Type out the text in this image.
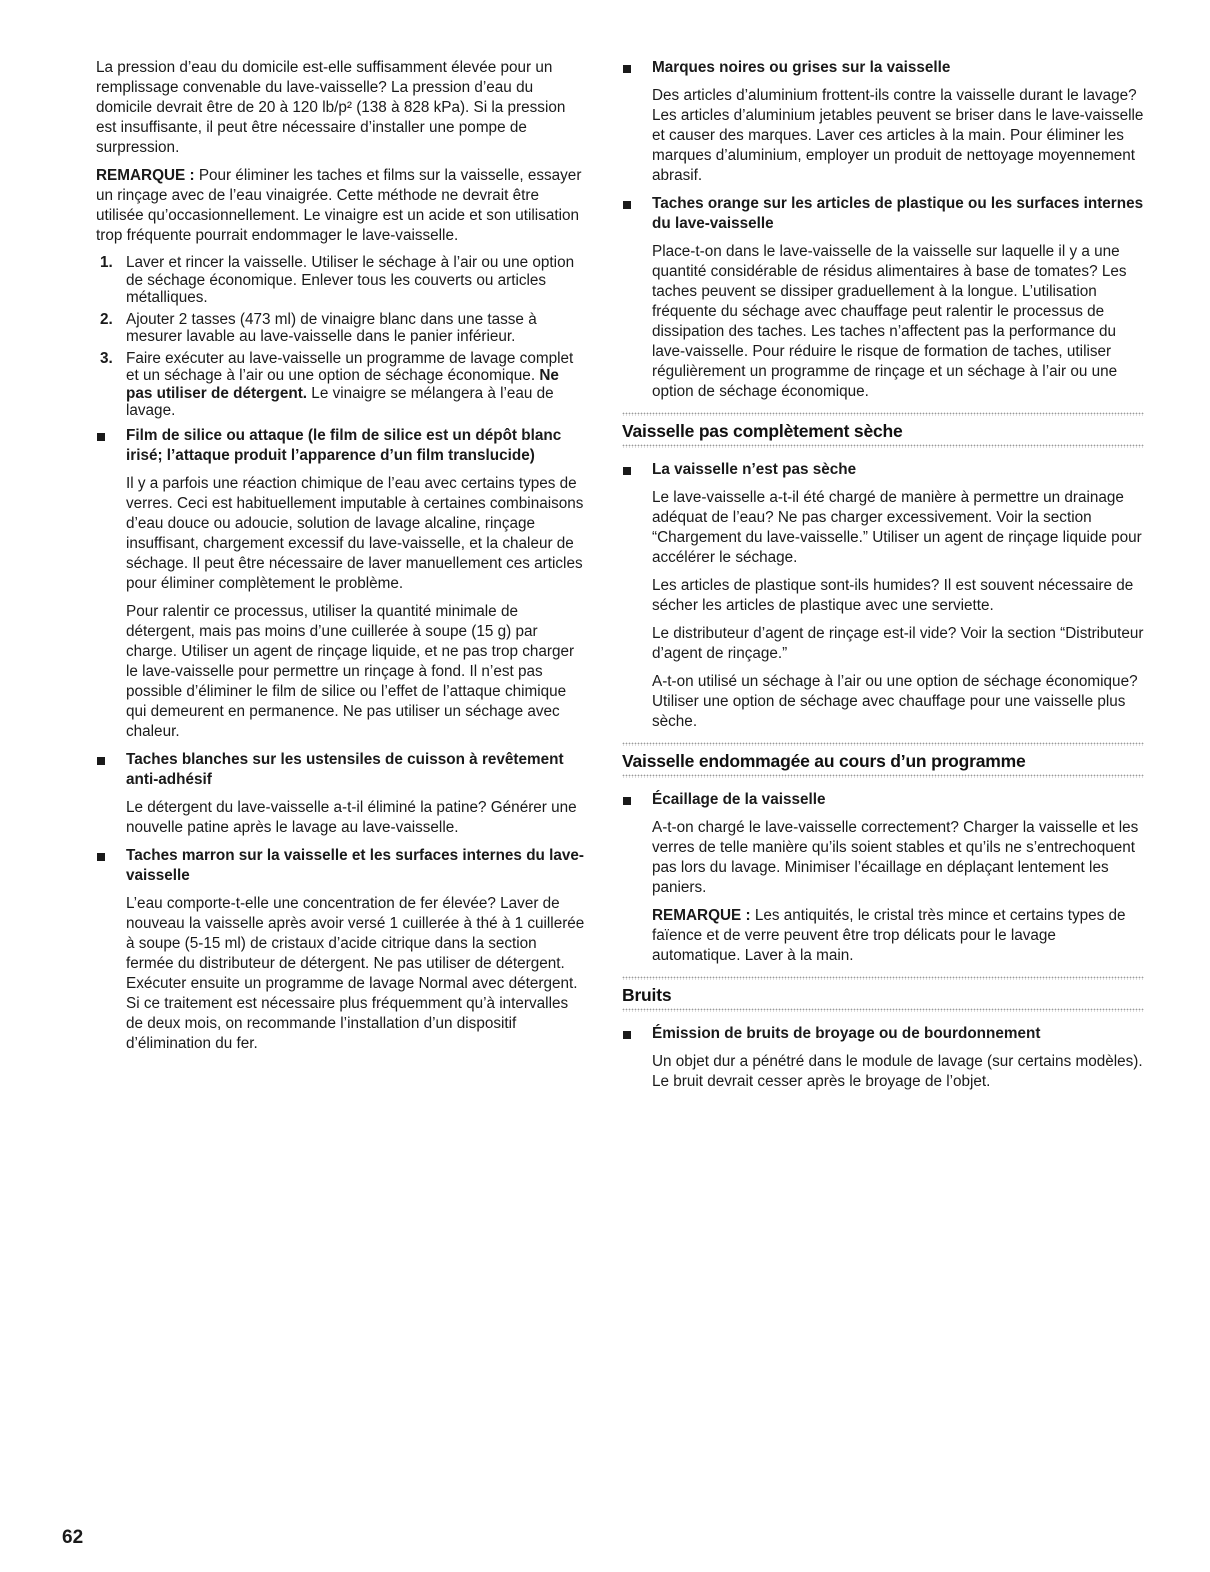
La pression d’eau du domicile est-elle suffisamment élevée pour un remplissage convenable du lave-vaisselle? La pression d’eau du domicile devrait être de 20 à 120 lb/p² (138 à 828 kPa). Si la pression est insuffisante, il peut être nécessaire d’installer une pompe de surpression.

REMARQUE : Pour éliminer les taches et films sur la vaisselle, essayer un rinçage avec de l’eau vinaigrée. Cette méthode ne devrait être utilisée qu’occasionnellement. Le vinaigre est un acide et son utilisation trop fréquente pourrait endommager le lave-vaisselle.

1. Laver et rincer la vaisselle. Utiliser le séchage à l’air ou une option de séchage économique. Enlever tous les couverts ou articles métalliques.
2. Ajouter 2 tasses (473 ml) de vinaigre blanc dans une tasse à mesurer lavable au lave-vaisselle dans le panier inférieur.
3. Faire exécuter au lave-vaisselle un programme de lavage complet et un séchage à l’air ou une option de séchage économique. Ne pas utiliser de détergent. Le vinaigre se mélangera à l’eau de lavage.
Film de silice ou attaque (le film de silice est un dépôt blanc irisé; l’attaque produit l’apparence d’un film translucide)

Il y a parfois une réaction chimique de l’eau avec certains types de verres. Ceci est habituellement imputable à certaines combinaisons d’eau douce ou adoucie, solution de lavage alcaline, rinçage insuffisant, chargement excessif du lave-vaisselle, et la chaleur de séchage. Il peut être nécessaire de laver manuellement ces articles pour éliminer complètement le problème.

Pour ralentir ce processus, utiliser la quantité minimale de détergent, mais pas moins d’une cuillerée à soupe (15 g) par charge. Utiliser un agent de rinçage liquide, et ne pas trop charger le lave-vaisselle pour permettre un rinçage à fond. Il n’est pas possible d’éliminer le film de silice ou l’effet de l’attaque chimique qui demeurent en permanence. Ne pas utiliser un séchage avec chaleur.

Taches blanches sur les ustensiles de cuisson à revêtement anti-adhésif

Le détergent du lave-vaisselle a-t-il éliminé la patine? Générer une nouvelle patine après le lavage au lave-vaisselle.

Taches marron sur la vaisselle et les surfaces internes du lave-vaisselle

L’eau comporte-t-elle une concentration de fer élevée? Laver de nouveau la vaisselle après avoir versé 1 cuillerée à thé à 1 cuillerée à soupe (5-15 ml) de cristaux d’acide citrique dans la section fermée du distributeur de détergent. Ne pas utiliser de détergent. Exécuter ensuite un programme de lavage Normal avec détergent. Si ce traitement est nécessaire plus fréquemment qu’à intervalles de deux mois, on recommande l’installation d’un dispositif d’élimination du fer.

Marques noires ou grises sur la vaisselle

Des articles d’aluminium frottent-ils contre la vaisselle durant le lavage? Les articles d’aluminium jetables peuvent se briser dans le lave-vaisselle et causer des marques. Laver ces articles à la main. Pour éliminer les marques d’aluminium, employer un produit de nettoyage moyennement abrasif.

Taches orange sur les articles de plastique ou les surfaces internes du lave-vaisselle

Place-t-on dans le lave-vaisselle de la vaisselle sur laquelle il y a une quantité considérable de résidus alimentaires à base de tomates? Les taches peuvent se dissiper graduellement à la longue. L’utilisation fréquente du séchage avec chauffage peut ralentir le processus de dissipation des taches. Les taches n’affectent pas la performance du lave-vaisselle. Pour réduire le risque de formation de taches, utiliser régulièrement un programme de rinçage et un séchage à l’air ou une option de séchage économique.

Vaisselle pas complètement sèche
La vaisselle n’est pas sèche

Le lave-vaisselle a-t-il été chargé de manière à permettre un drainage adéquat de l’eau? Ne pas charger excessivement. Voir la section “Chargement du lave-vaisselle.” Utiliser un agent de rinçage liquide pour accélérer le séchage.

Les articles de plastique sont-ils humides? Il est souvent nécessaire de sécher les articles de plastique avec une serviette.

Le distributeur d’agent de rinçage est-il vide? Voir la section “Distributeur d’agent de rinçage.”

A-t-on utilisé un séchage à l’air ou une option de séchage économique? Utiliser une option de séchage avec chauffage pour une vaisselle plus sèche.

Vaisselle endommagée au cours d’un programme
Écaillage de la vaisselle

A-t-on chargé le lave-vaisselle correctement? Charger la vaisselle et les verres de telle manière qu’ils soient stables et qu’ils ne s’entrechoquent pas lors du lavage. Minimiser l’écaillage en déplaçant lentement les paniers.

REMARQUE : Les antiquités, le cristal très mince et certains types de faïence et de verre peuvent être trop délicats pour le lavage automatique. Laver à la main.

Bruits
Émission de bruits de broyage ou de bourdonnement

Un objet dur a pénétré dans le module de lavage (sur certains modèles). Le bruit devrait cesser après le broyage de l’objet.

62
